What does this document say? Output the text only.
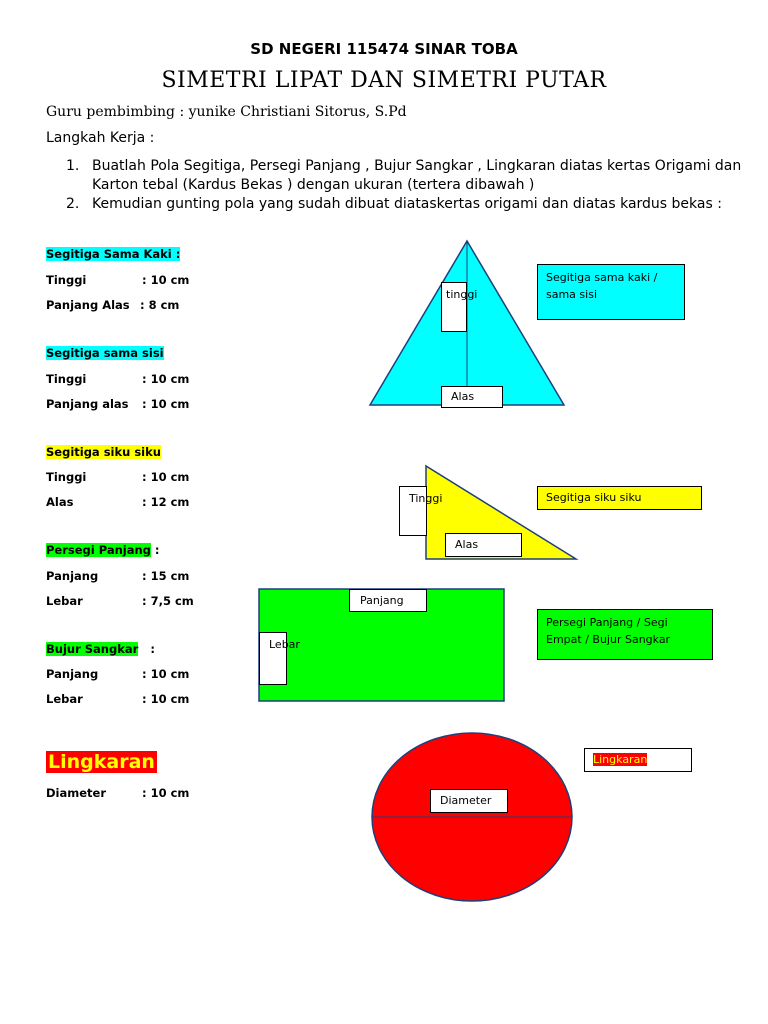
SD NEGERI 115474 SINAR TOBA
SIMETRI LIPAT DAN SIMETRI PUTAR
Guru pembimbing : yunike Christiani Sitorus, S.Pd
Langkah Kerja :
1. Buatlah Pola Segitiga, Persegi Panjang , Bujur Sangkar , Lingkaran diatas kertas Origami dan
Karton tebal (Kardus Bekas ) dengan ukuran (tertera dibawah )
2. Kemudian gunting pola yang sudah dibuat diataskertas origami dan diatas kardus bekas :
Segitiga Sama Kaki :
Tinggi	: 10 cm
Panjang Alas : 8 cm
Segitiga sama sisi
Tinggi	: 10 cm
Panjang alas : 10 cm
Segitiga siku siku
Tinggi	: 10 cm
Alas	: 12 cm
Persegi Panjang :
Panjang	: 15 cm
Lebar	: 7,5 cm
Bujur Sangkar   :
Panjang	: 10 cm
Lebar	: 10 cm
Lingkaran
Diameter	: 10 cm
tinggi
Alas
Segitiga sama kaki / sama sisi
Tinggi
Alas
Segitiga siku siku
Panjang
Lebar
Persegi Panjang / Segi Empat / Bujur Sangkar
Diameter
Lingkaran
